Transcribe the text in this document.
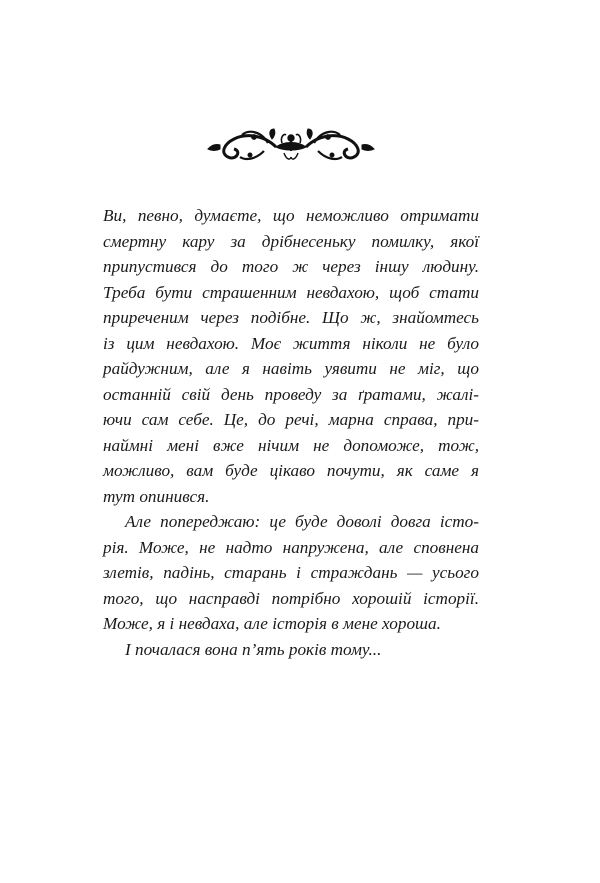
Ви, певно, думаєте, що неможливо отримати
смертну кару за дрібнесеньку помилку, якої
припустився до того ж через іншу людину.
Треба бути страшенним невдахою, щоб стати
приреченим через подібне. Що ж, знайомтесь
із цим невдахою. Моє життя ніколи не було
райдужним, але я навіть уявити не міг, що
останній свій день проведу за ґратами, жалі-
ючи сам себе. Це, до речі, марна справа, при-
наймні мені вже нічим не допоможе, тож,
можливо, вам буде цікаво почути, як саме я
тут опинився.
Але попереджаю: це буде доволі довга істо-
рія. Може, не надто напружена, але сповнена
злетів, падінь, старань і страждань — усього
того, що насправді потрібно хорошій історії.
Може, я і невдаха, але історія в мене хороша.
І почалася вона п’ять років тому...
